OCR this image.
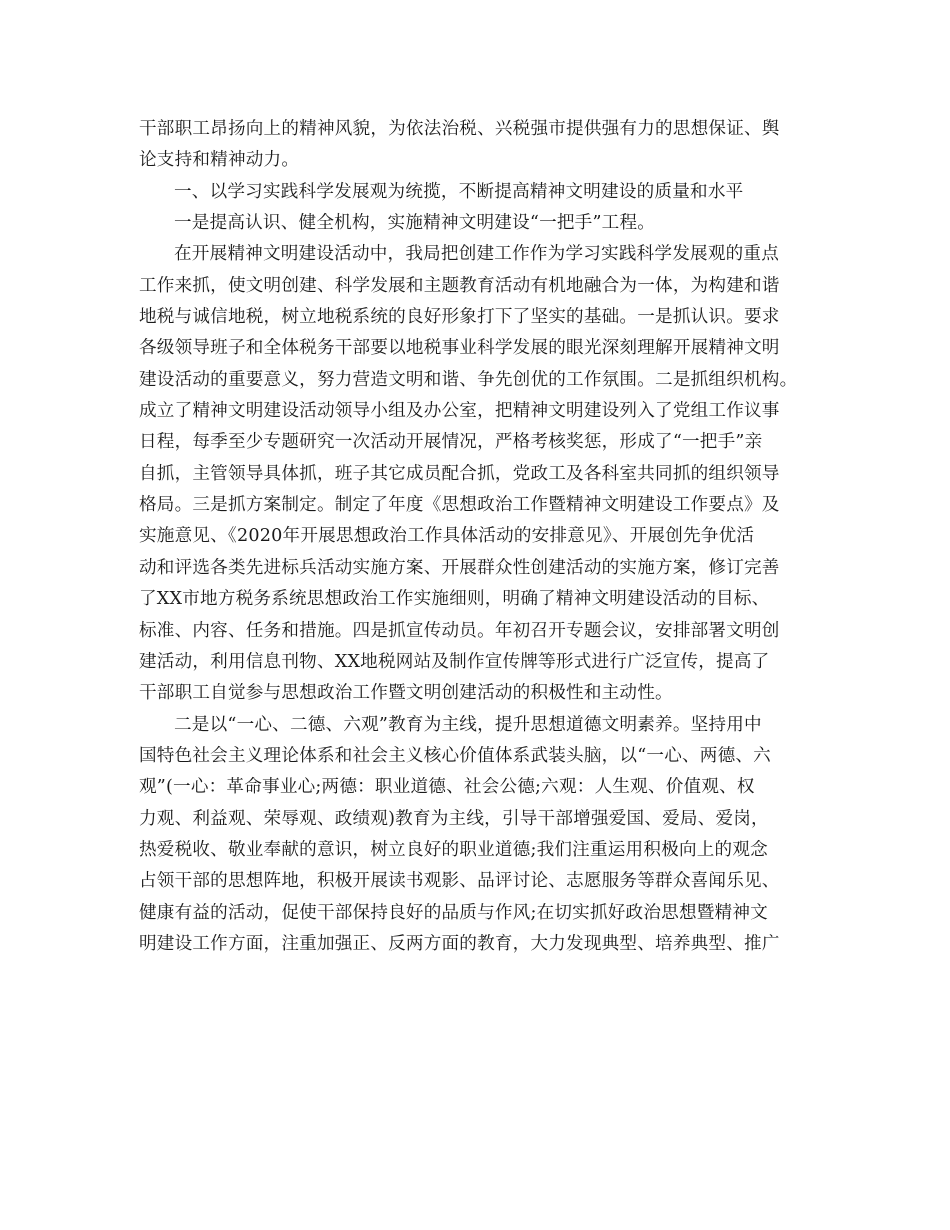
干部职工昂扬向上的精神风貌，为依法治税、兴税强市提供强有力的思想保证、舆
论支持和精神动力。
一、以学习实践科学发展观为统揽，不断提高精神文明建设的质量和水平
一是提高认识、健全机构，实施精神文明建设“一把手”工程。
在开展精神文明建设活动中，我局把创建工作作为学习实践科学发展观的重点
工作来抓，使文明创建、科学发展和主题教育活动有机地融合为一体，为构建和谐
地税与诚信地税，树立地税系统的良好形象打下了坚实的基础。一是抓认识。要求
各级领导班子和全体税务干部要以地税事业科学发展的眼光深刻理解开展精神文明
建设活动的重要意义，努力营造文明和谐、争先创优的工作氛围。二是抓组织机构。
成立了精神文明建设活动领导小组及办公室，把精神文明建设列入了党组工作议事
日程，每季至少专题研究一次活动开展情况，严格考核奖惩，形成了“一把手”亲
自抓，主管领导具体抓，班子其它成员配合抓，党政工及各科室共同抓的组织领导
格局。三是抓方案制定。制定了年度《思想政治工作暨精神文明建设工作要点》及
实施意见、《2020年开展思想政治工作具体活动的安排意见》、开展创先争优活
动和评选各类先进标兵活动实施方案、开展群众性创建活动的实施方案，修订完善
了XX市地方税务系统思想政治工作实施细则，明确了精神文明建设活动的目标、
标准、内容、任务和措施。四是抓宣传动员。年初召开专题会议，安排部署文明创
建活动，利用信息刊物、XX地税网站及制作宣传牌等形式进行广泛宣传，提高了
干部职工自觉参与思想政治工作暨文明创建活动的积极性和主动性。
二是以“一心、二德、六观”教育为主线，提升思想道德文明素养。坚持用中
国特色社会主义理论体系和社会主义核心价值体系武装头脑，以“一心、两德、六
观”(一心：革命事业心;两德：职业道德、社会公德;六观：人生观、价值观、权
力观、利益观、荣辱观、政绩观)教育为主线，引导干部增强爱国、爱局、爱岗，
热爱税收、敬业奉献的意识，树立良好的职业道德;我们注重运用积极向上的观念
占领干部的思想阵地，积极开展读书观影、品评讨论、志愿服务等群众喜闻乐见、
健康有益的活动，促使干部保持良好的品质与作风;在切实抓好政治思想暨精神文
明建设工作方面，注重加强正、反两方面的教育，大力发现典型、培养典型、推广
